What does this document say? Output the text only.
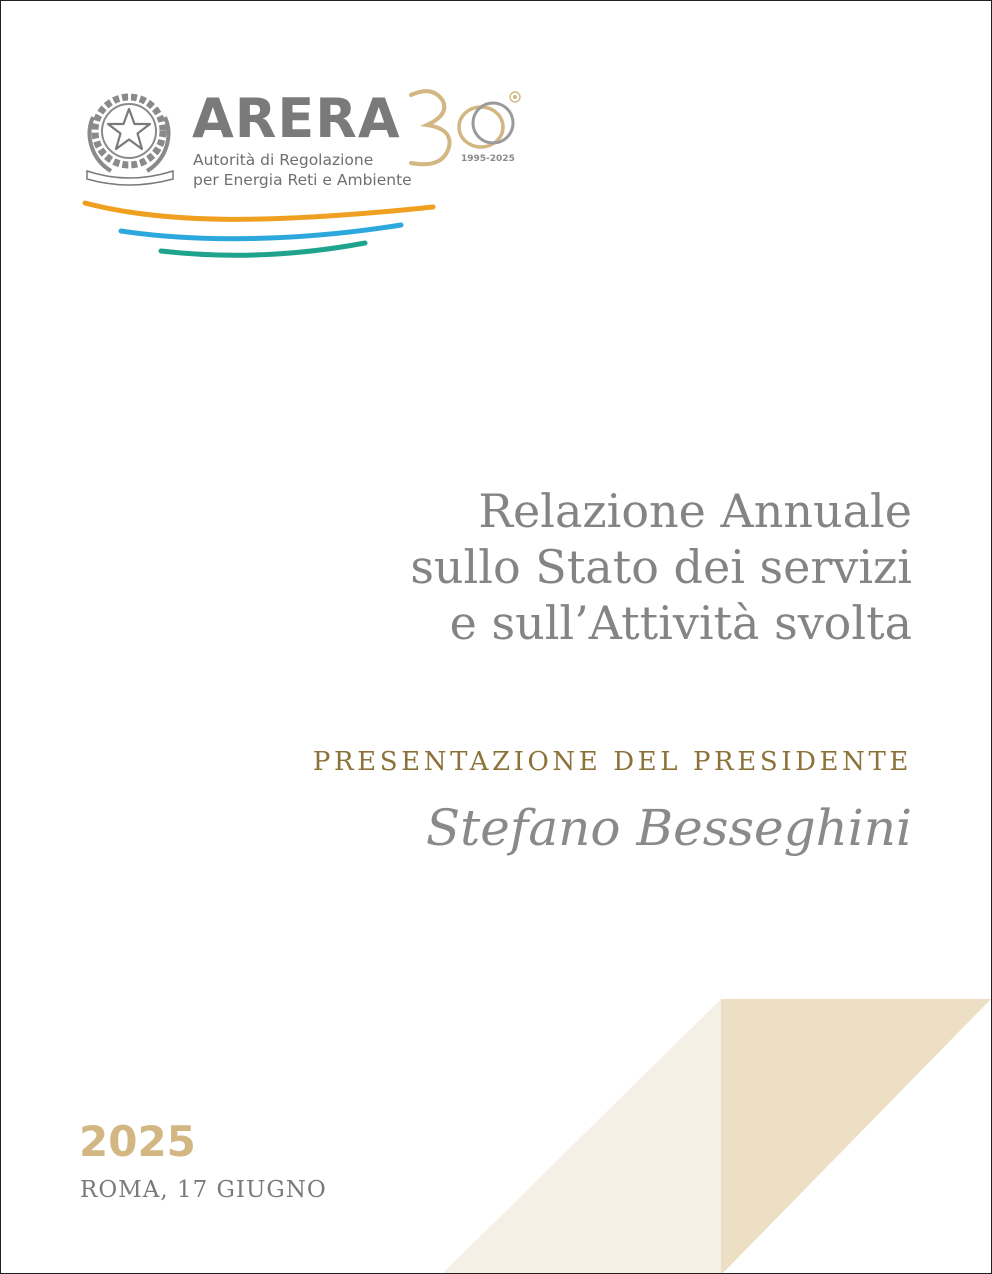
ARERA
Autorità di Regolazione
per Energia Reti e Ambiente
1995-2025
Relazione Annuale
sullo Stato dei servizi
e sull’Attività svolta
PRESENTAZIONE DEL PRESIDENTE
Stefano Besseghini
2025
ROMA, 17 GIUGNO
